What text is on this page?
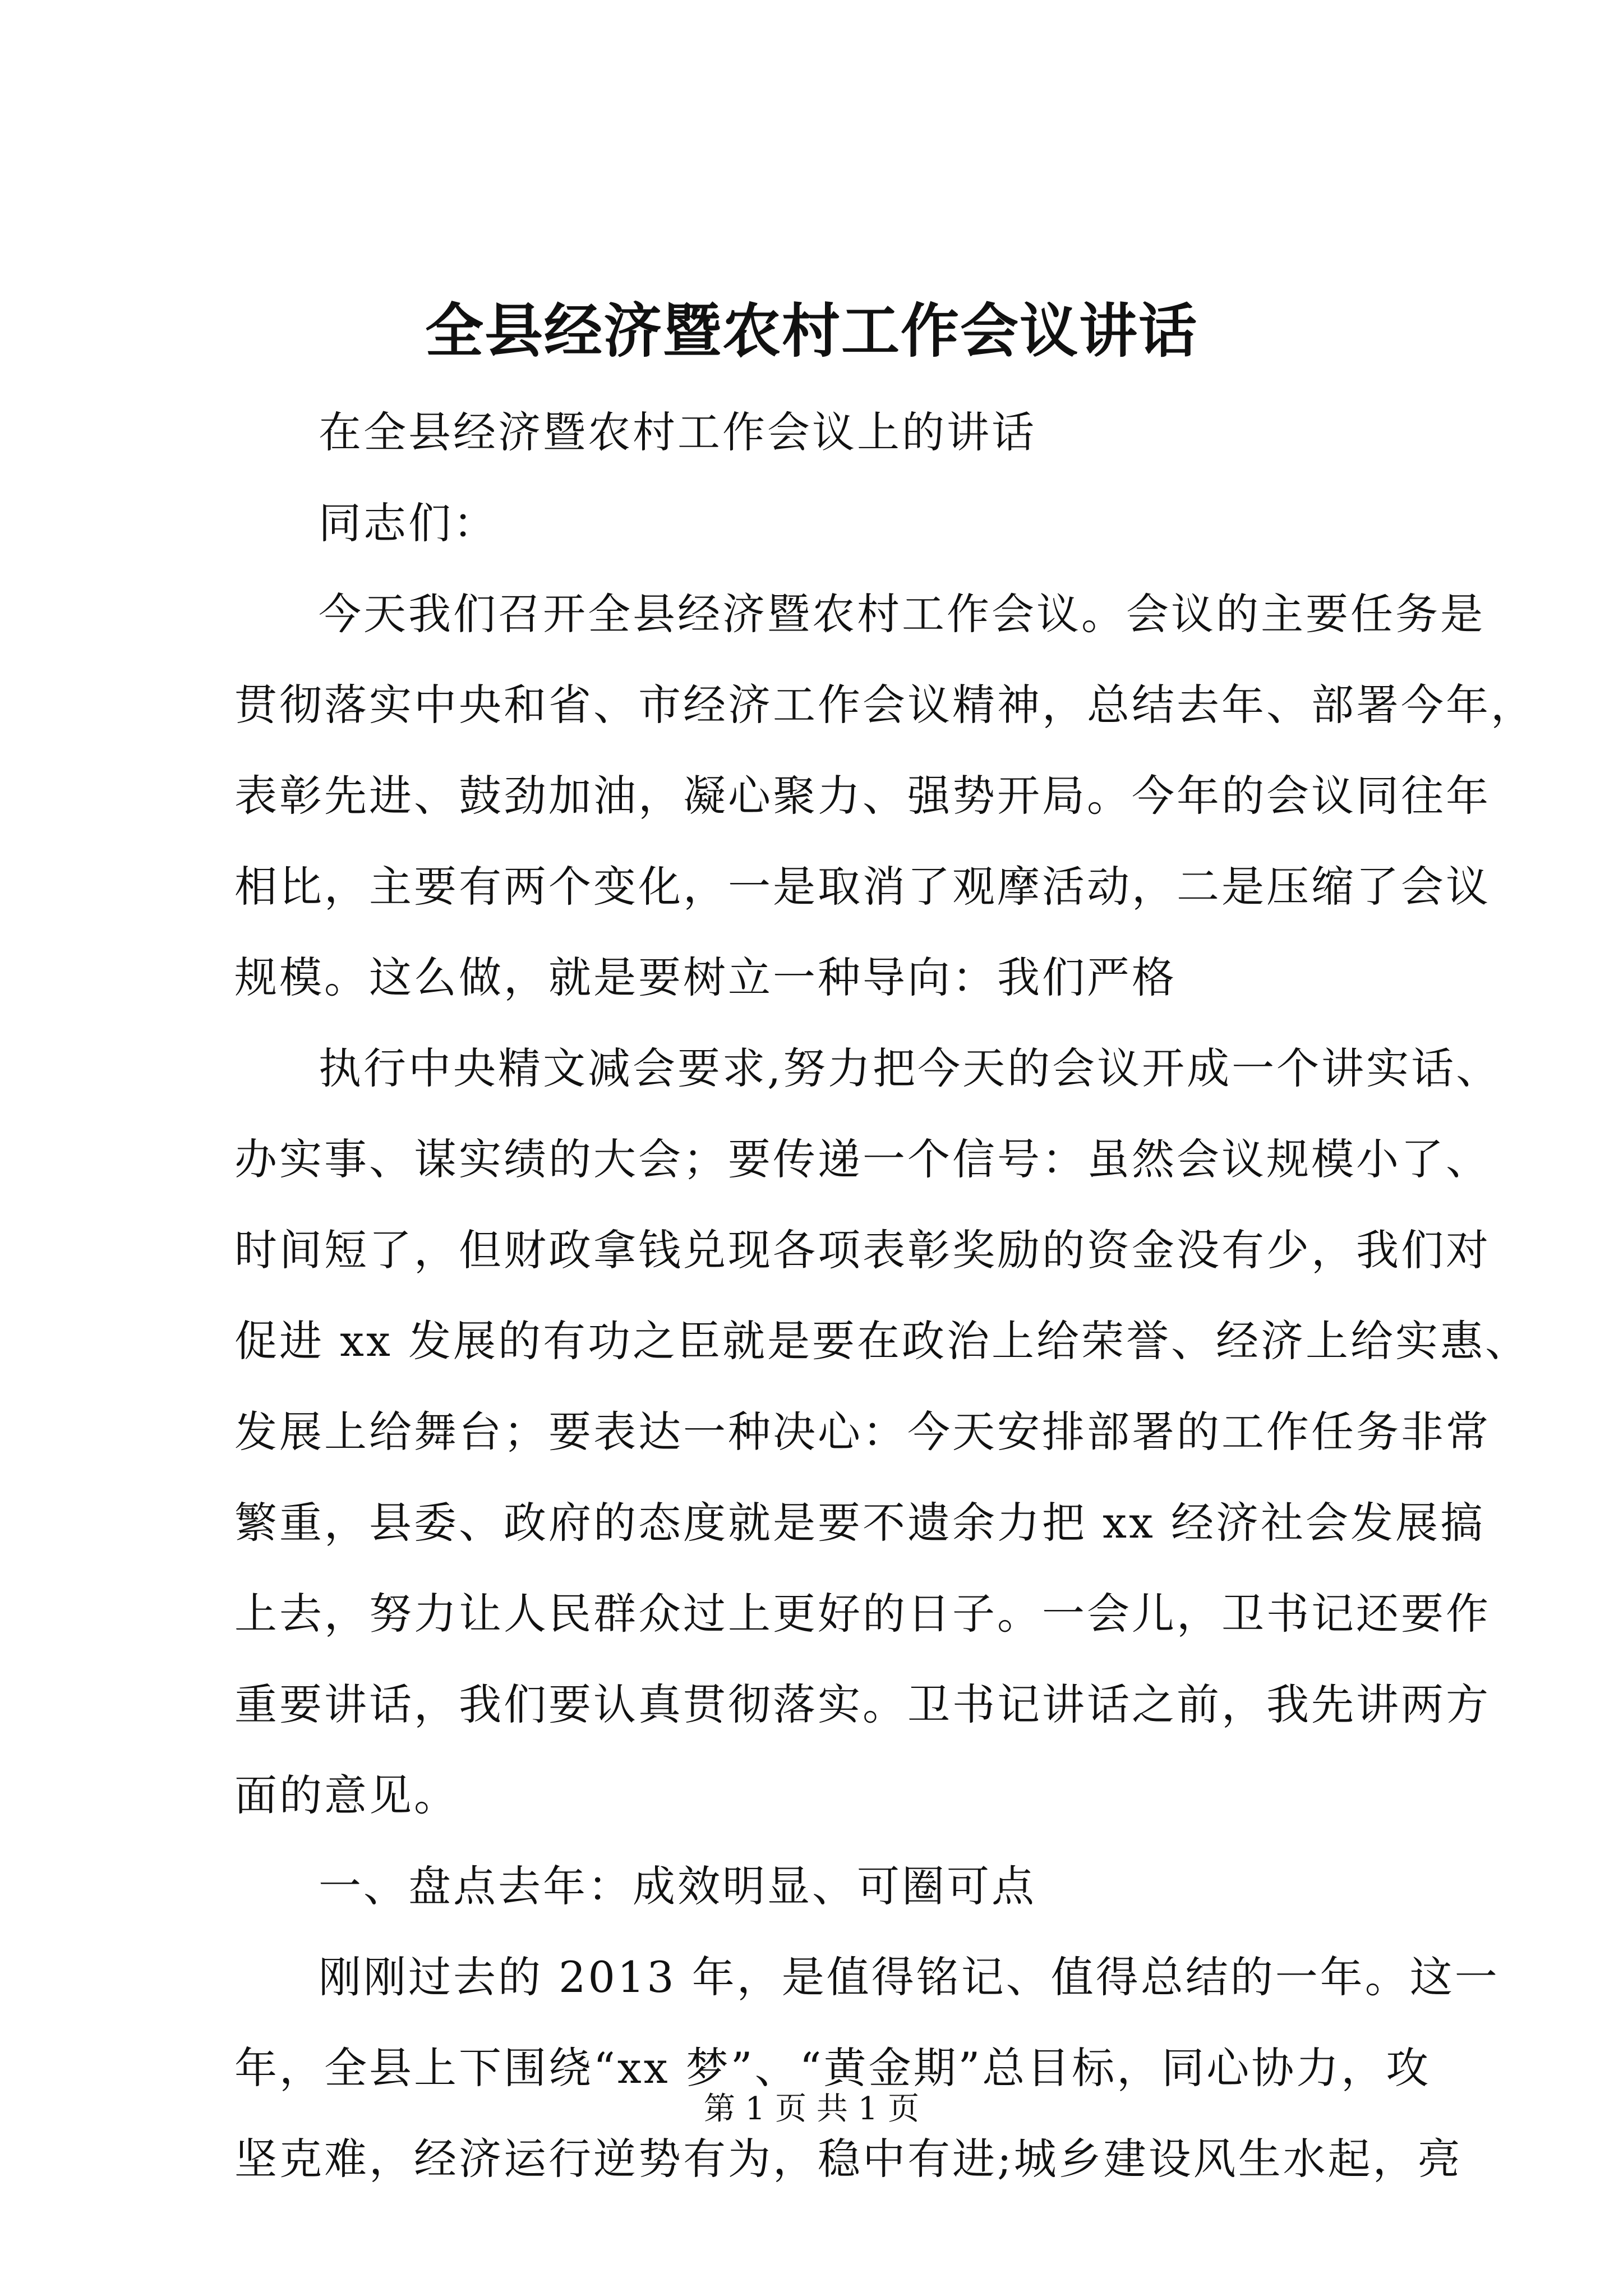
全县经济暨农村工作会议讲话
在全县经济暨农村工作会议上的讲话
同志们：
今天我们召开全县经济暨农村工作会议。会议的主要任务是
贯彻落实中央和省、市经济工作会议精神，总结去年、部署今年，
表彰先进、鼓劲加油，凝心聚力、强势开局。今年的会议同往年
相比，主要有两个变化，一是取消了观摩活动，二是压缩了会议
规模。这么做，就是要树立一种导向：我们严格
执行中央精文减会要求,努力把今天的会议开成一个讲实话、
办实事、谋实绩的大会；要传递一个信号：虽然会议规模小了、
时间短了，但财政拿钱兑现各项表彰奖励的资金没有少，我们对
促进 xx 发展的有功之臣就是要在政治上给荣誉、经济上给实惠、
发展上给舞台；要表达一种决心：今天安排部署的工作任务非常
繁重，县委、政府的态度就是要不遗余力把 xx 经济社会发展搞
上去，努力让人民群众过上更好的日子。一会儿，卫书记还要作
重要讲话，我们要认真贯彻落实。卫书记讲话之前，我先讲两方
面的意见。
一、盘点去年：成效明显、可圈可点
刚刚过去的 2013 年，是值得铭记、值得总结的一年。这一
年，全县上下围绕“xx 梦”、“黄金期”总目标，同心协力，攻
坚克难，经济运行逆势有为，稳中有进;城乡建设风生水起，亮
第 1 页 共 1 页
